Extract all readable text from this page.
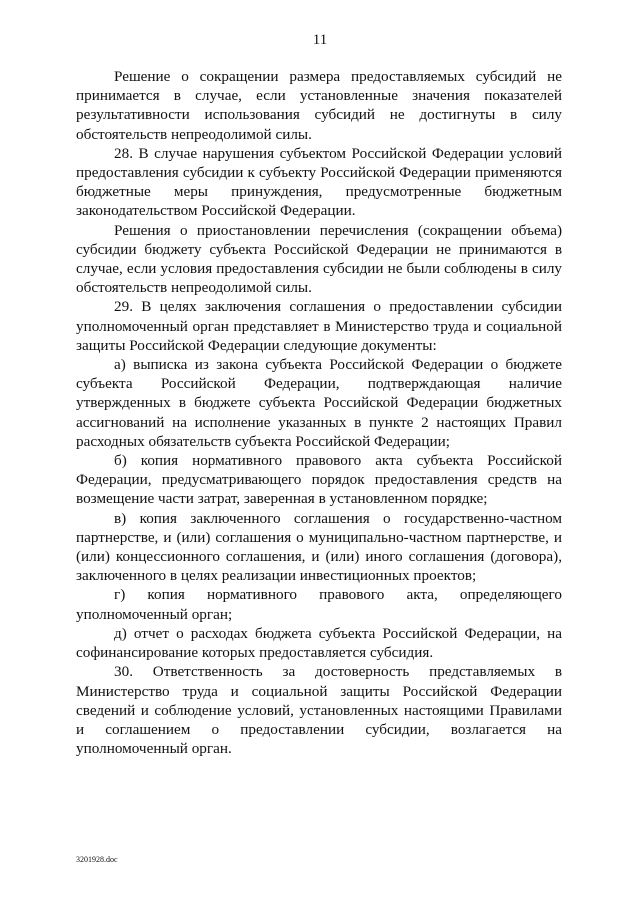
11

Решение о сокращении размера предоставляемых субсидий не принимается в случае, если установленные значения показателей результативности использования субсидий не достигнуты в силу обстоятельств непреодолимой силы.

28. В случае нарушения субъектом Российской Федерации условий предоставления субсидии к субъекту Российской Федерации применяются бюджетные меры принуждения, предусмотренные бюджетным законодательством Российской Федерации.

Решения о приостановлении перечисления (сокращении объема) субсидии бюджету субъекта Российской Федерации не принимаются в случае, если условия предоставления субсидии не были соблюдены в силу обстоятельств непреодолимой силы.

29. В целях заключения соглашения о предоставлении субсидии уполномоченный орган представляет в Министерство труда и социальной защиты Российской Федерации следующие документы:

а) выписка из закона субъекта Российской Федерации о бюджете субъекта Российской Федерации, подтверждающая наличие утвержденных в бюджете субъекта Российской Федерации бюджетных ассигнований на исполнение указанных в пункте 2 настоящих Правил расходных обязательств субъекта Российской Федерации;

б) копия нормативного правового акта субъекта Российской Федерации, предусматривающего порядок предоставления средств на возмещение части затрат, заверенная в установленном порядке;

в) копия заключенного соглашения о государственно-частном партнерстве, и (или) соглашения о муниципально-частном партнерстве, и (или) концессионного соглашения, и (или) иного соглашения (договора), заключенного в целях реализации инвестиционных проектов;

г) копия нормативного правового акта, определяющего уполномоченный орган;

д) отчет о расходах бюджета субъекта Российской Федерации, на софинансирование которых предоставляется субсидия.

30. Ответственность за достоверность представляемых в Министерство труда и социальной защиты Российской Федерации сведений и соблюдение условий, установленных настоящими Правилами и соглашением о предоставлении субсидии, возлагается на уполномоченный орган.

3201928.doc
